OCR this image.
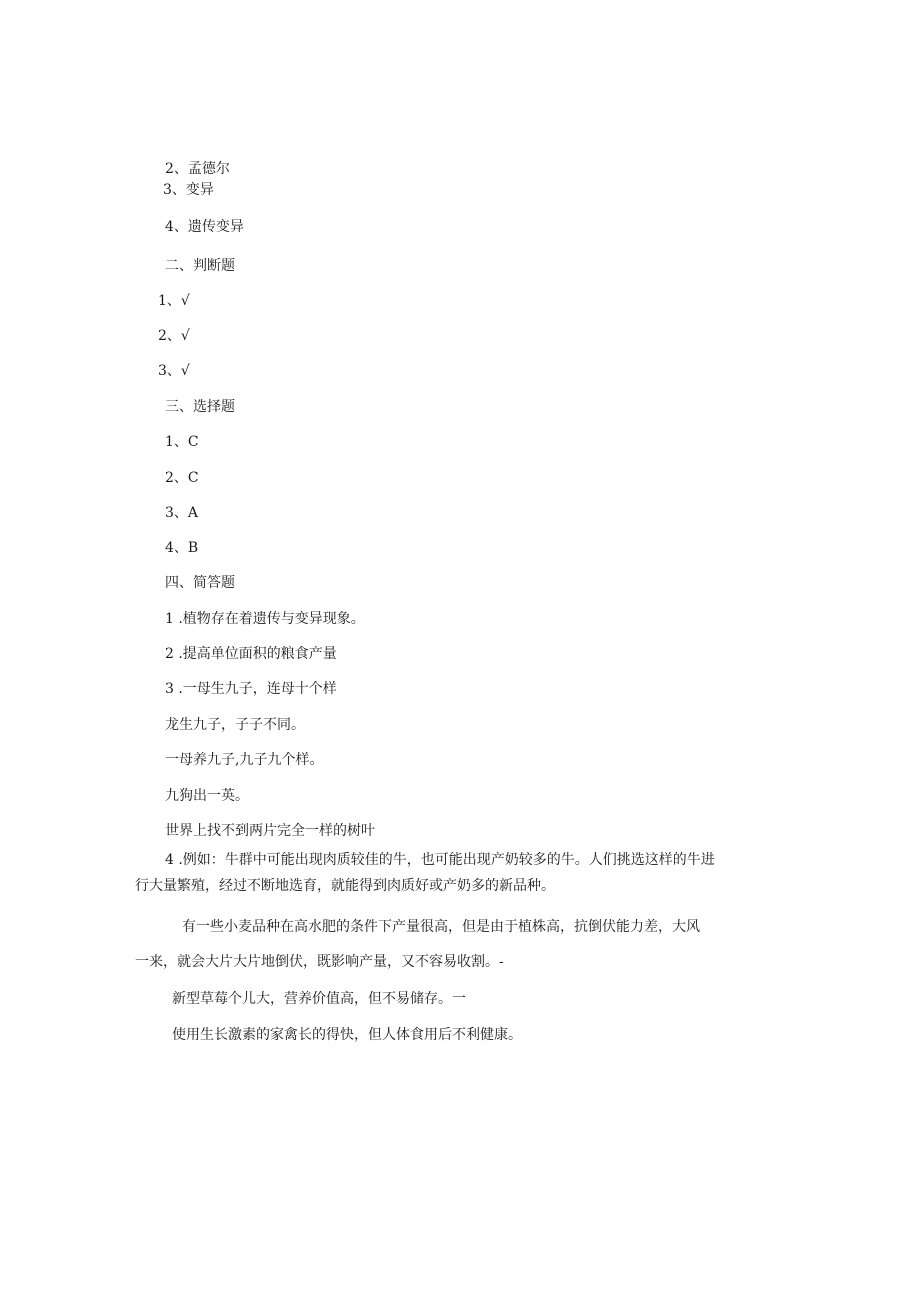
2、孟德尔
3、变异
4、遗传变异
二、判断题
1、√
2、√
3、√
三、选择题
1、C
2、C
3、A
4、B
四、简答题
1 .植物存在着遗传与变异现象。
2 .提高单位面积的粮食产量
3 .一母生九子，连母十个样
龙生九子，子子不同。
一母养九子,九子九个样。
九狗出一英。
世界上找不到两片完全一样的树叶
4 .例如：牛群中可能出现肉质较佳的牛，也可能出现产奶较多的牛。人们挑选这样的牛进
行大量繁殖，经过不断地选育，就能得到肉质好或产奶多的新品种。
有一些小麦品种在高水肥的条件下产量很高，但是由于植株高，抗倒伏能力差，大风
一来，就会大片大片地倒伏，既影响产量，又不容易收割。-
新型草莓个儿大，营养价值高，但不易储存。一
使用生长激素的家禽长的得快，但人体食用后不利健康。
